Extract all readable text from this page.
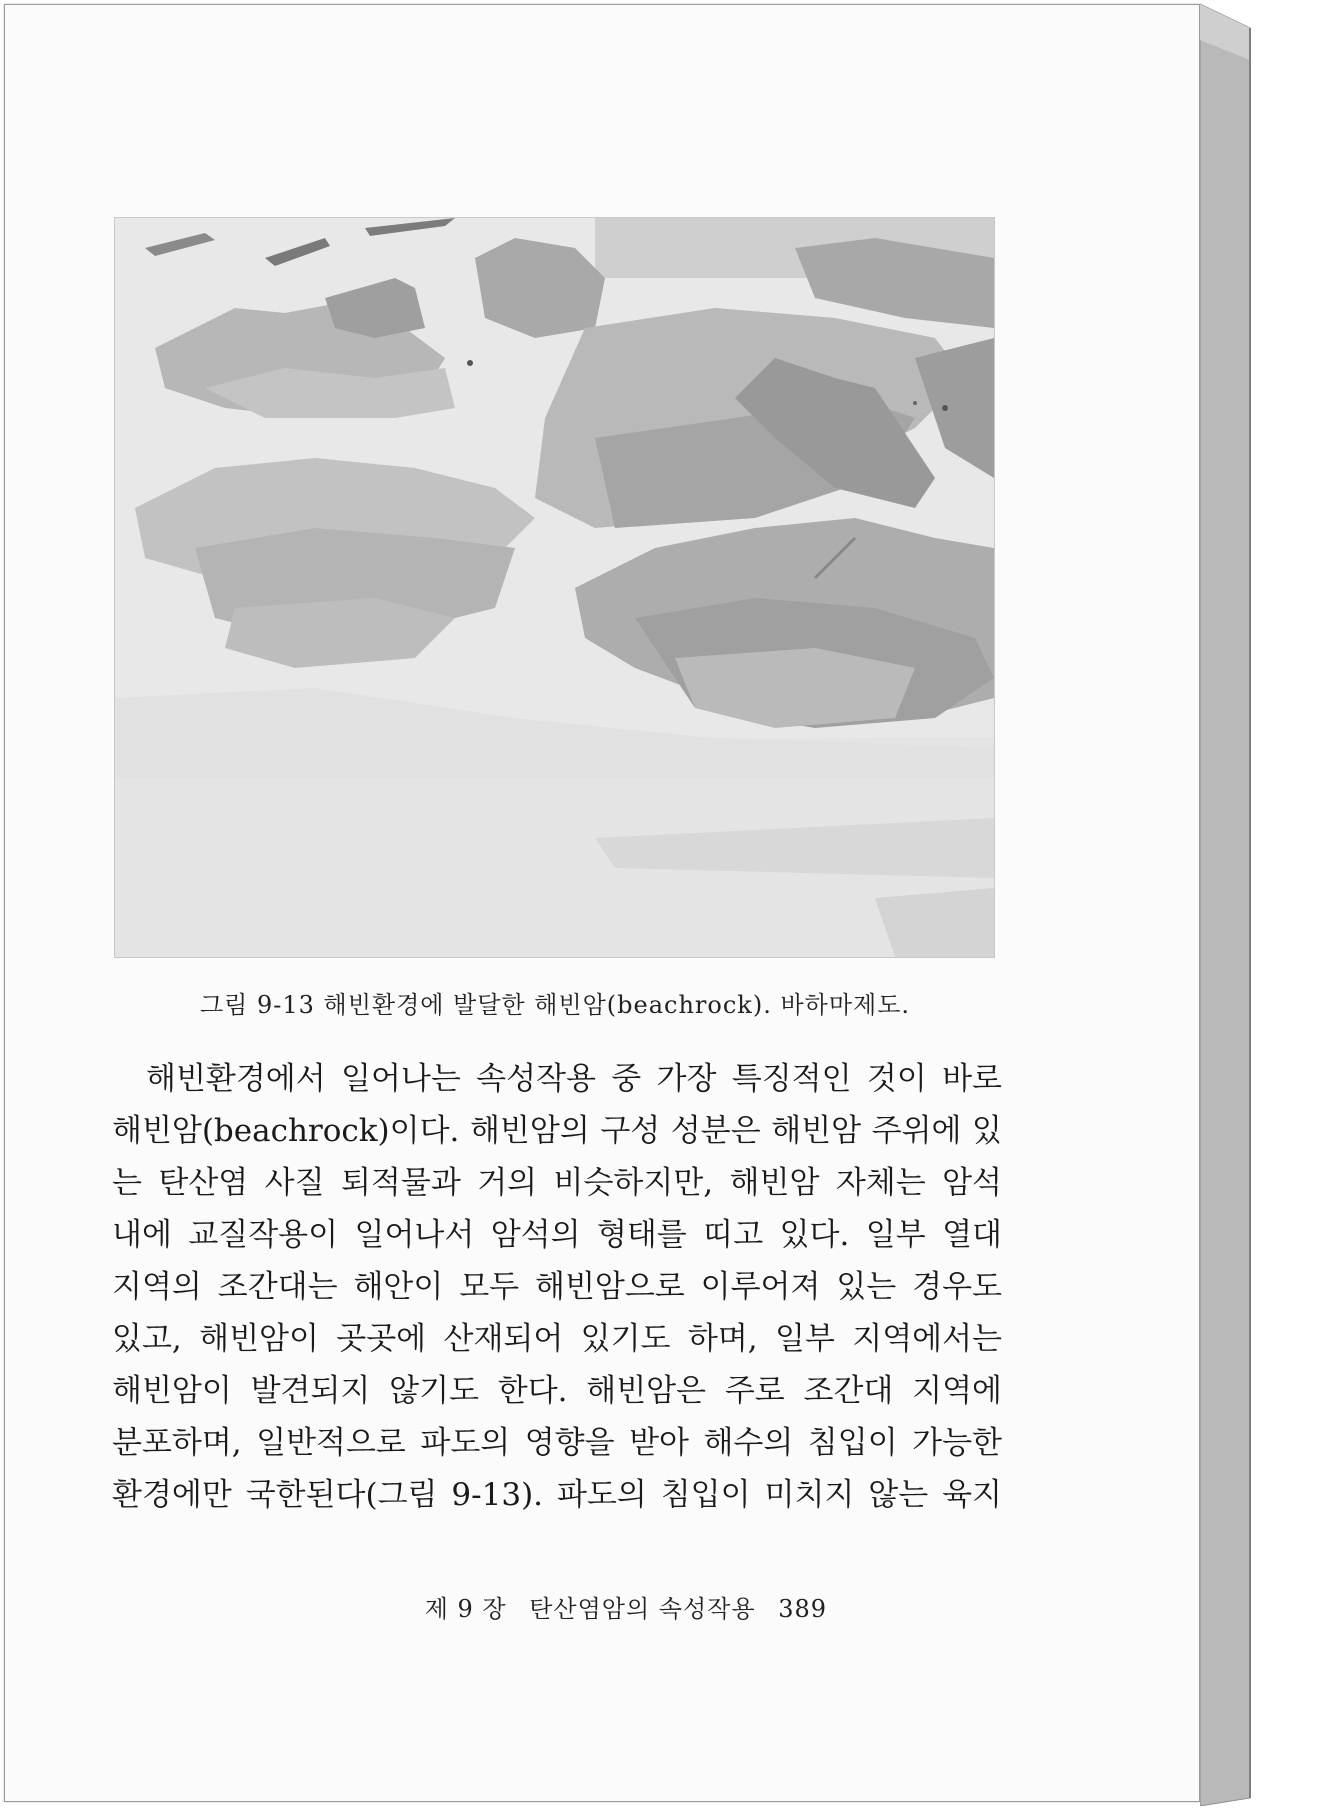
그림 9-13 해빈환경에 발달한 해빈암(beachrock). 바하마제도.
해빈환경에서 일어나는 속성작용 중 가장 특징적인 것이 바로
해빈암(beachrock)이다. 해빈암의 구성 성분은 해빈암 주위에 있
는 탄산염 사질 퇴적물과 거의 비슷하지만, 해빈암 자체는 암석
내에 교질작용이 일어나서 암석의 형태를 띠고 있다. 일부 열대
지역의 조간대는 해안이 모두 해빈암으로 이루어져 있는 경우도
있고, 해빈암이 곳곳에 산재되어 있기도 하며, 일부 지역에서는
해빈암이 발견되지 않기도 한다. 해빈암은 주로 조간대 지역에
분포하며, 일반적으로 파도의 영향을 받아 해수의 침입이 가능한
환경에만 국한된다(그림 9-13). 파도의 침입이 미치지 않는 육지
제 9 장 탄산염암의 속성작용 389
